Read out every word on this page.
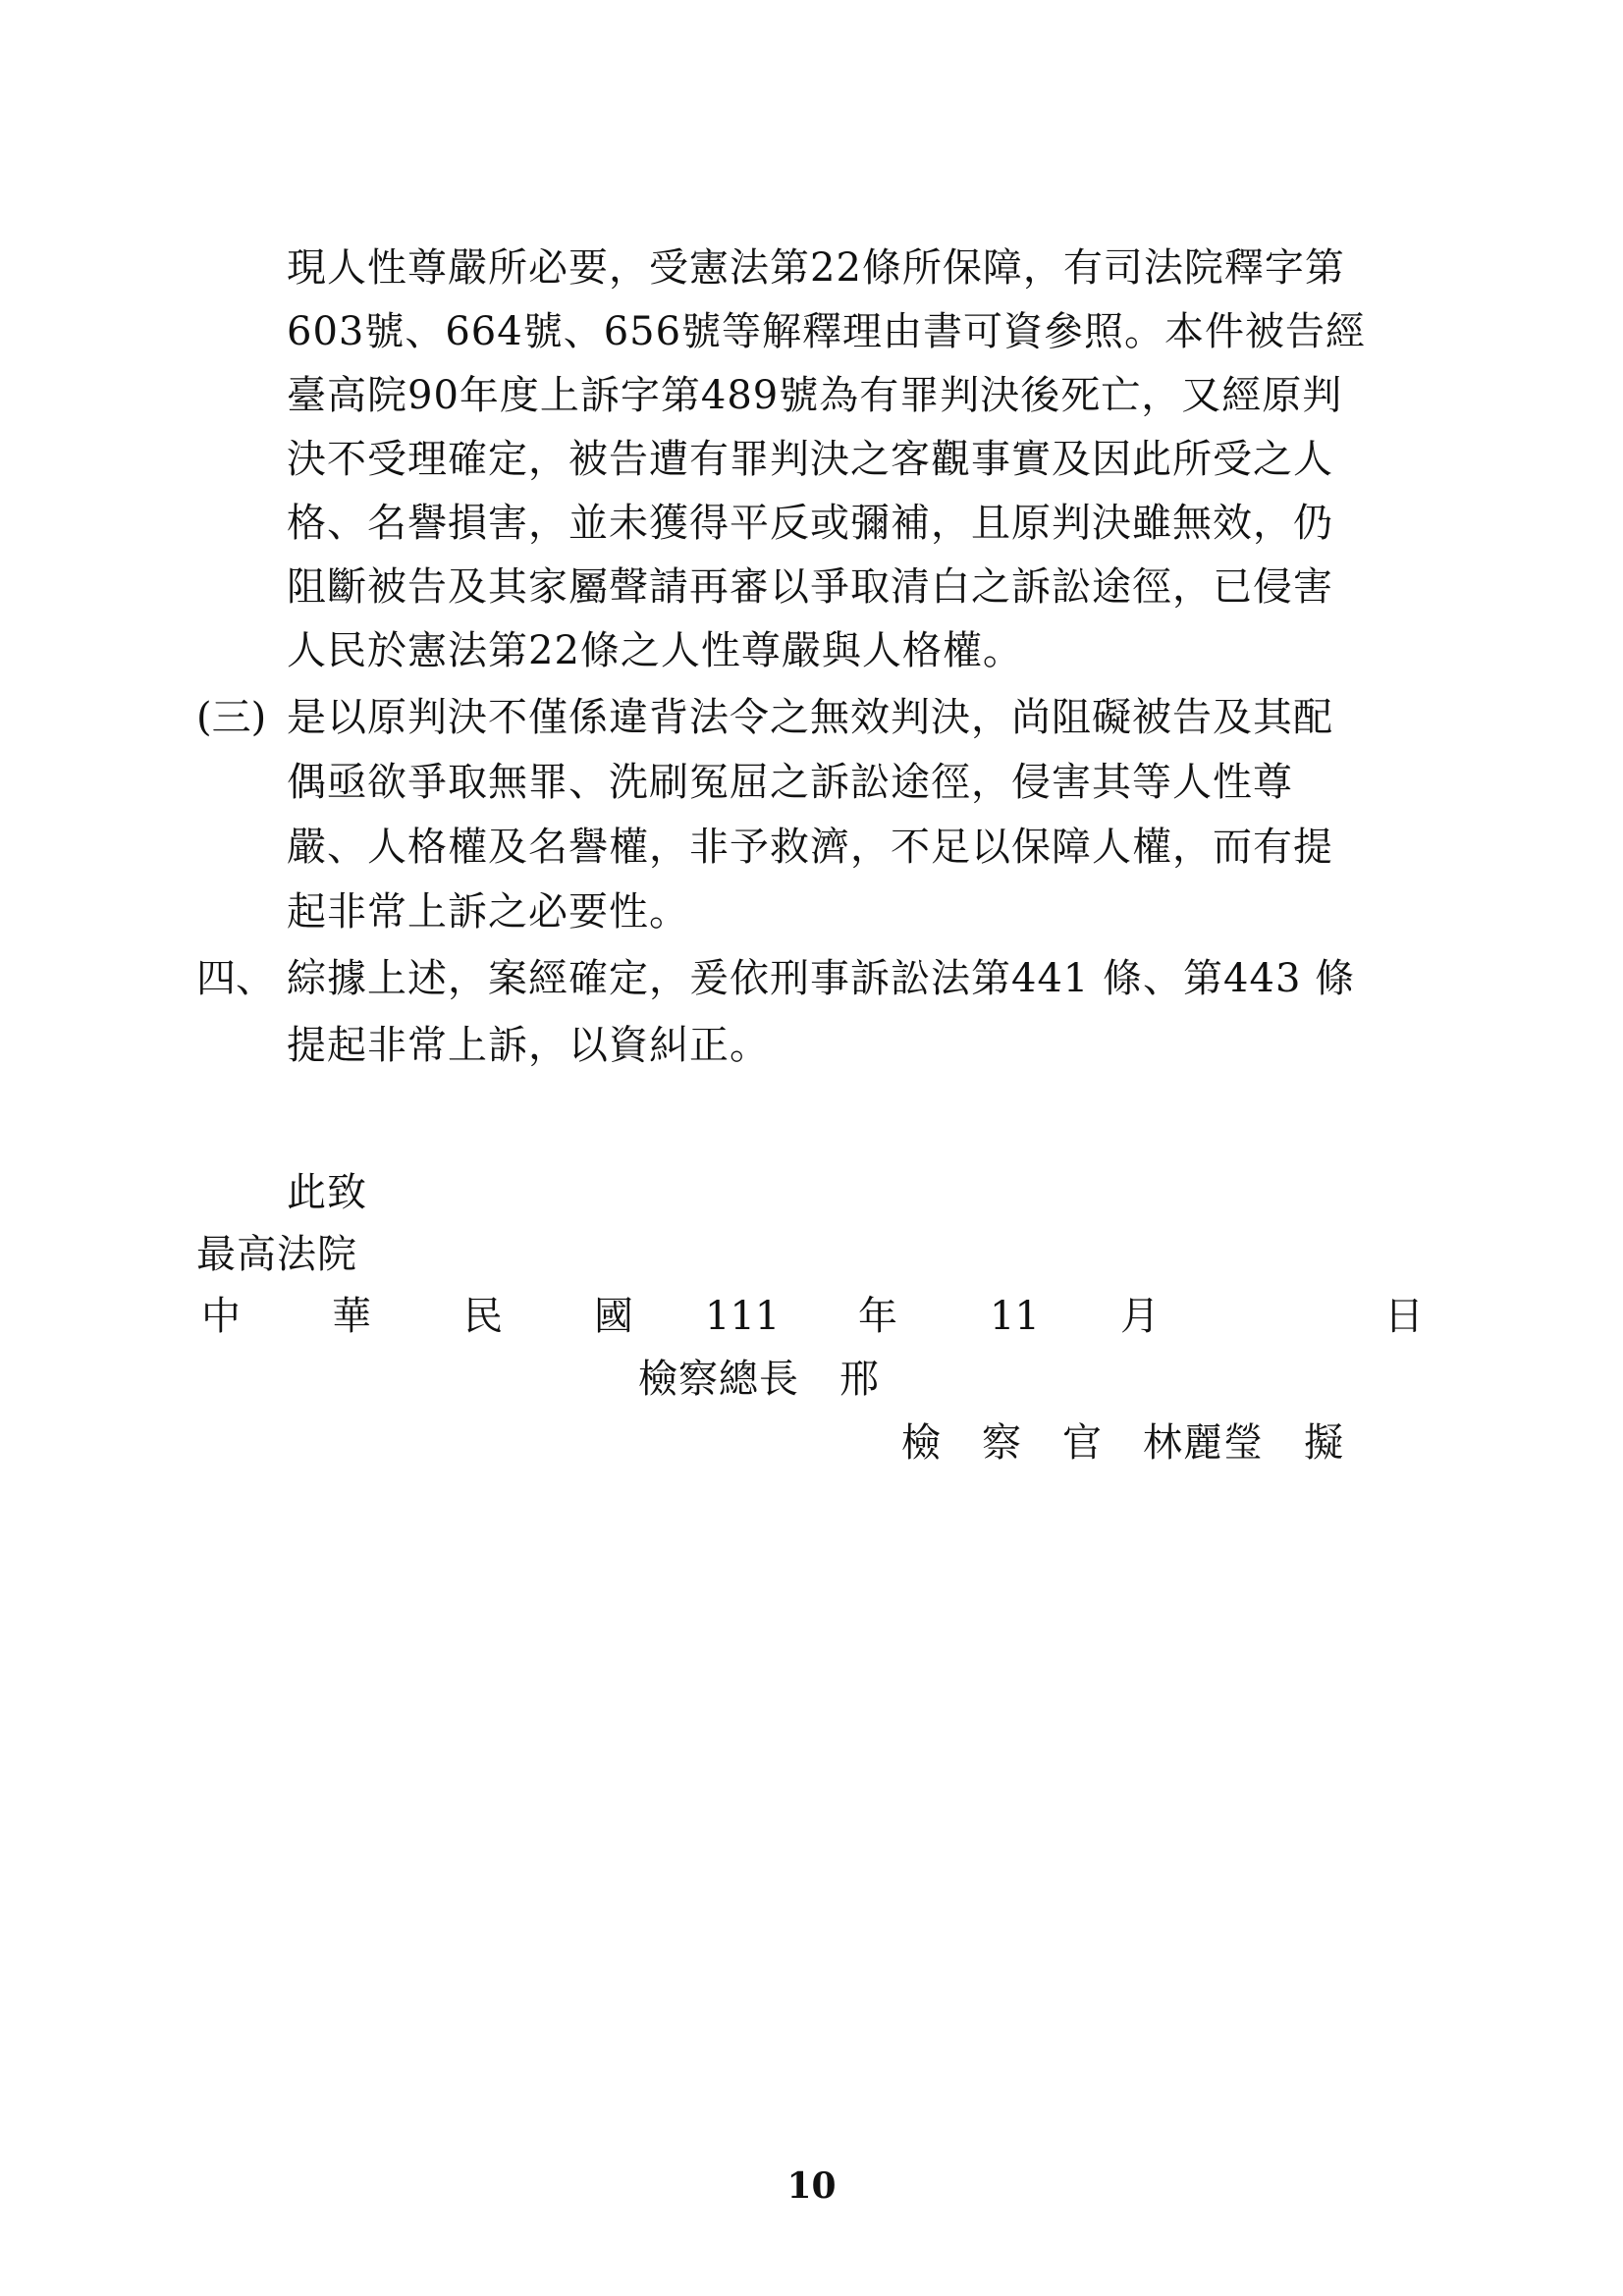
現人性尊嚴所必要，受憲法第22條所保障，有司法院釋字第
603號、664號、656號等解釋理由書可資參照。本件被告經
臺高院90年度上訴字第489號為有罪判決後死亡，又經原判
決不受理確定，被告遭有罪判決之客觀事實及因此所受之人
格、名譽損害，並未獲得平反或彌補，且原判決雖無效，仍
阻斷被告及其家屬聲請再審以爭取清白之訴訟途徑，已侵害
人民於憲法第22條之人性尊嚴與人格權。
(三) 是以原判決不僅係違背法令之無效判決，尚阻礙被告及其配
偶亟欲爭取無罪、洗刷冤屈之訴訟途徑，侵害其等人性尊
嚴、人格權及名譽權，非予救濟，不足以保障人權，而有提
起非常上訴之必要性。
四、 綜據上述，案經確定，爰依刑事訴訟法第441 條、第443 條
提起非常上訴，以資糾正。
此致
最高法院
中 華 民 國 111 年 11 月	日
檢察總長　邢
檢　察　官　林麗瑩　擬
10
